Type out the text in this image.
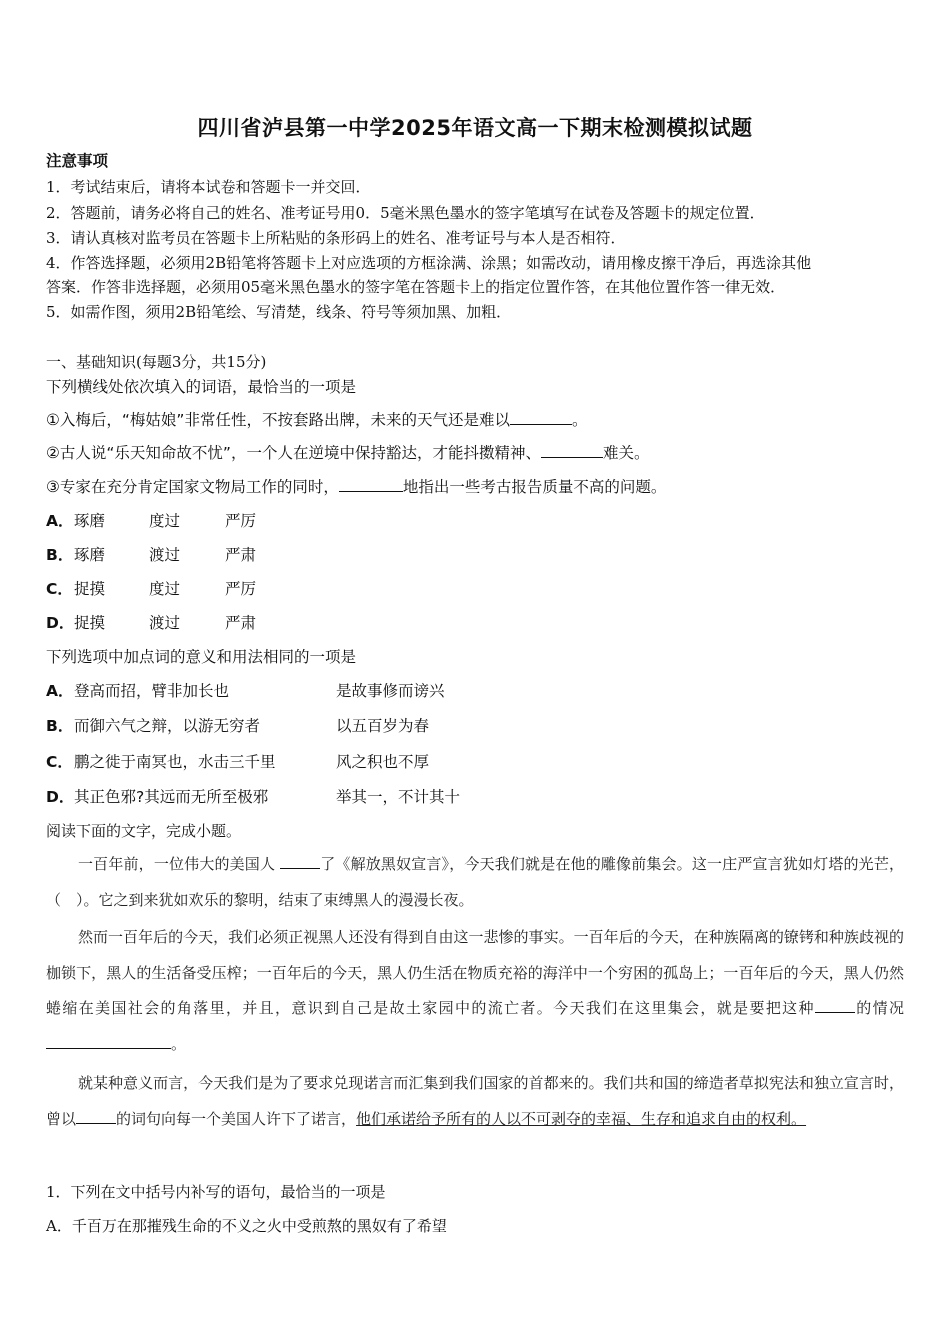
四川省泸县第一中学2025年语文高一下期末检测模拟试题
注意事项
1．考试结束后，请将本试卷和答题卡一并交回．
2．答题前，请务必将自己的姓名、准考证号用0．5毫米黑色墨水的签字笔填写在试卷及答题卡的规定位置．
3．请认真核对监考员在答题卡上所粘贴的条形码上的姓名、准考证号与本人是否相符．
4．作答选择题，必须用2B铅笔将答题卡上对应选项的方框涂满、涂黑；如需改动，请用橡皮擦干净后，再选涂其他
答案．作答非选择题，必须用05毫米黑色墨水的签字笔在答题卡上的指定位置作答，在其他位置作答一律无效．
5．如需作图，须用2B铅笔绘、写清楚，线条、符号等须加黑、加粗．
一、基础知识(每题3分，共15分)
下列横线处依次填入的词语，最恰当的一项是
①入梅后，“梅姑娘”非常任性，不按套路出牌，未来的天气还是难以	。
②古人说“乐天知命故不忧”，一个人在逆境中保持豁达，才能抖擞精神、	难关。
③专家在充分肯定国家文物局工作的同时，	地指出一些考古报告质量不高的问题。
A．琢磨	度过	严厉
B．琢磨	渡过	严肃
C．捉摸	度过	严厉
D．捉摸	渡过	严肃
下列选项中加点词的意义和用法相同的一项是
A．登高而招，臂非加长也	是故事修而谤兴
B．而御六气之辩，以游无穷者	以五百岁为春
C．鹏之徙于南冥也，水击三千里	风之积也不厚
D．其正色邪?其远而无所至极邪	举其一，不计其十
阅读下面的文字，完成小题。
一百年前，一位伟大的美国人	了《解放黑奴宣言》，今天我们就是在他的雕像前集会。这一庄严宣言犹如灯塔的光芒，（　）。它之到来犹如欢乐的黎明，结束了束缚黑人的漫漫长夜。
然而一百年后的今天，我们必须正视黑人还没有得到自由这一悲惨的事实。一百年后的今天，在种族隔离的镣铐和种族歧视的枷锁下，黑人的生活备受压榨；一百年后的今天，黑人仍生活在物质充裕的海洋中一个穷困的孤岛上；一百年后的今天，黑人仍然蜷缩在美国社会的角落里，并且，意识到自己是故土家园中的流亡者。今天我们在这里集会，就是要把这种	的情况。
就某种意义而言，今天我们是为了要求兑现诺言而汇集到我们国家的首都来的。我们共和国的缔造者草拟宪法和独立宣言时，曾以	的词句向每一个美国人许下了诺言，他们承诺给予所有的人以不可剥夺的幸福、生存和追求自由的权利。
1．下列在文中括号内补写的语句，最恰当的一项是
A．千百万在那摧残生命的不义之火中受煎熬的黑奴有了希望
